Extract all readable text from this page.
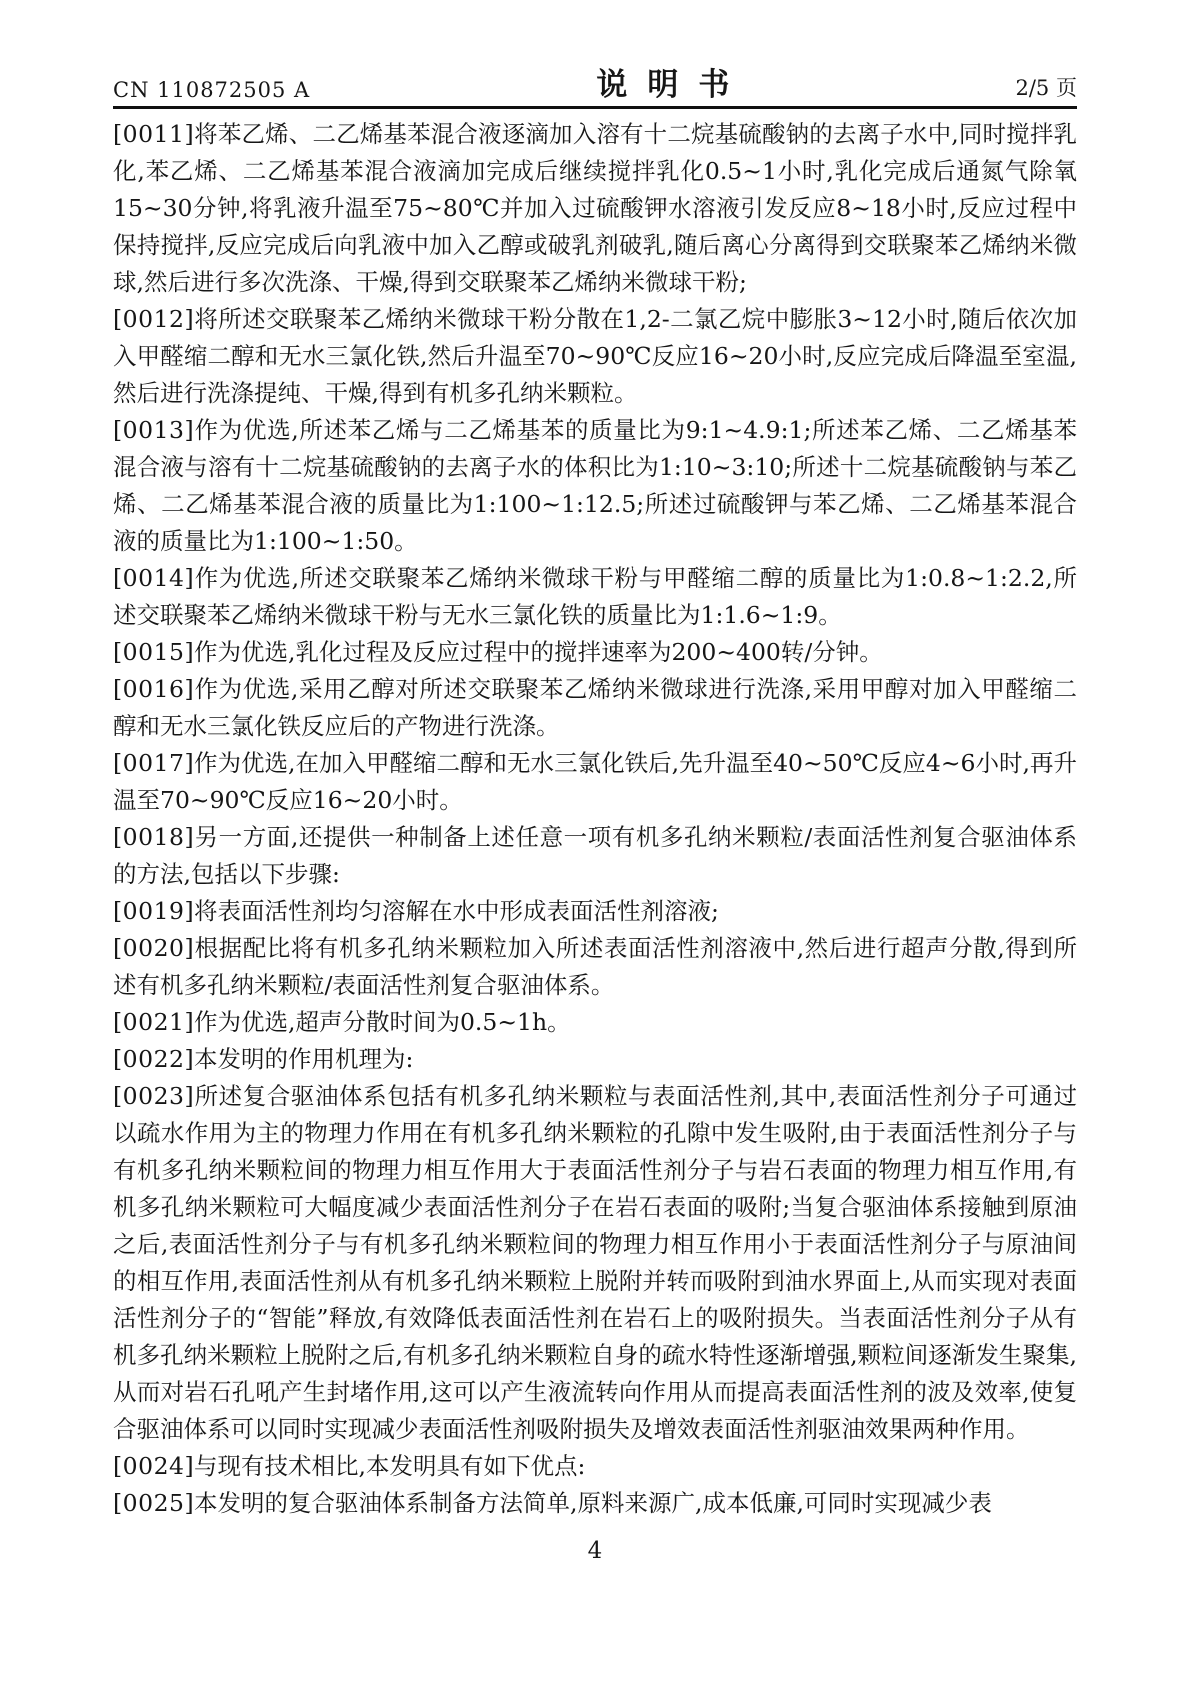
CN 110872505 A	说明书	2/5 页

[0011]将苯乙烯、二乙烯基苯混合液逐滴加入溶有十二烷基硫酸钠的去离子水中,同时搅拌乳化,苯乙烯、二乙烯基苯混合液滴加完成后继续搅拌乳化0.5~1小时,乳化完成后通氮气除氧15~30分钟,将乳液升温至75~80℃并加入过硫酸钾水溶液引发反应8~18小时,反应过程中保持搅拌,反应完成后向乳液中加入乙醇或破乳剂破乳,随后离心分离得到交联聚苯乙烯纳米微球,然后进行多次洗涤、干燥,得到交联聚苯乙烯纳米微球干粉;

[0012]将所述交联聚苯乙烯纳米微球干粉分散在1,2-二氯乙烷中膨胀3~12小时,随后依次加入甲醛缩二醇和无水三氯化铁,然后升温至70~90℃反应16~20小时,反应完成后降温至室温,然后进行洗涤提纯、干燥,得到有机多孔纳米颗粒。

[0013]作为优选,所述苯乙烯与二乙烯基苯的质量比为9:1~4.9:1;所述苯乙烯、二乙烯基苯混合液与溶有十二烷基硫酸钠的去离子水的体积比为1:10~3:10;所述十二烷基硫酸钠与苯乙烯、二乙烯基苯混合液的质量比为1:100~1:12.5;所述过硫酸钾与苯乙烯、二乙烯基苯混合液的质量比为1:100~1:50。

[0014]作为优选,所述交联聚苯乙烯纳米微球干粉与甲醛缩二醇的质量比为1:0.8~1:2.2,所述交联聚苯乙烯纳米微球干粉与无水三氯化铁的质量比为1:1.6~1:9。

[0015]作为优选,乳化过程及反应过程中的搅拌速率为200~400转/分钟。

[0016]作为优选,采用乙醇对所述交联聚苯乙烯纳米微球进行洗涤,采用甲醇对加入甲醛缩二醇和无水三氯化铁反应后的产物进行洗涤。

[0017]作为优选,在加入甲醛缩二醇和无水三氯化铁后,先升温至40~50℃反应4~6小时,再升温至70~90℃反应16~20小时。

[0018]另一方面,还提供一种制备上述任意一项有机多孔纳米颗粒/表面活性剂复合驱油体系的方法,包括以下步骤:

[0019]将表面活性剂均匀溶解在水中形成表面活性剂溶液;

[0020]根据配比将有机多孔纳米颗粒加入所述表面活性剂溶液中,然后进行超声分散,得到所述有机多孔纳米颗粒/表面活性剂复合驱油体系。

[0021]作为优选,超声分散时间为0.5~1h。

[0022]本发明的作用机理为:

[0023]所述复合驱油体系包括有机多孔纳米颗粒与表面活性剂,其中,表面活性剂分子可通过以疏水作用为主的物理力作用在有机多孔纳米颗粒的孔隙中发生吸附,由于表面活性剂分子与有机多孔纳米颗粒间的物理力相互作用大于表面活性剂分子与岩石表面的物理力相互作用,有机多孔纳米颗粒可大幅度减少表面活性剂分子在岩石表面的吸附;当复合驱油体系接触到原油之后,表面活性剂分子与有机多孔纳米颗粒间的物理力相互作用小于表面活性剂分子与原油间的相互作用,表面活性剂从有机多孔纳米颗粒上脱附并转而吸附到油水界面上,从而实现对表面活性剂分子的“智能”释放,有效降低表面活性剂在岩石上的吸附损失。当表面活性剂分子从有机多孔纳米颗粒上脱附之后,有机多孔纳米颗粒自身的疏水特性逐渐增强,颗粒间逐渐发生聚集,从而对岩石孔吼产生封堵作用,这可以产生液流转向作用从而提高表面活性剂的波及效率,使复合驱油体系可以同时实现减少表面活性剂吸附损失及增效表面活性剂驱油效果两种作用。

[0024]与现有技术相比,本发明具有如下优点:

[0025]本发明的复合驱油体系制备方法简单,原料来源广,成本低廉,可同时实现减少表

4
